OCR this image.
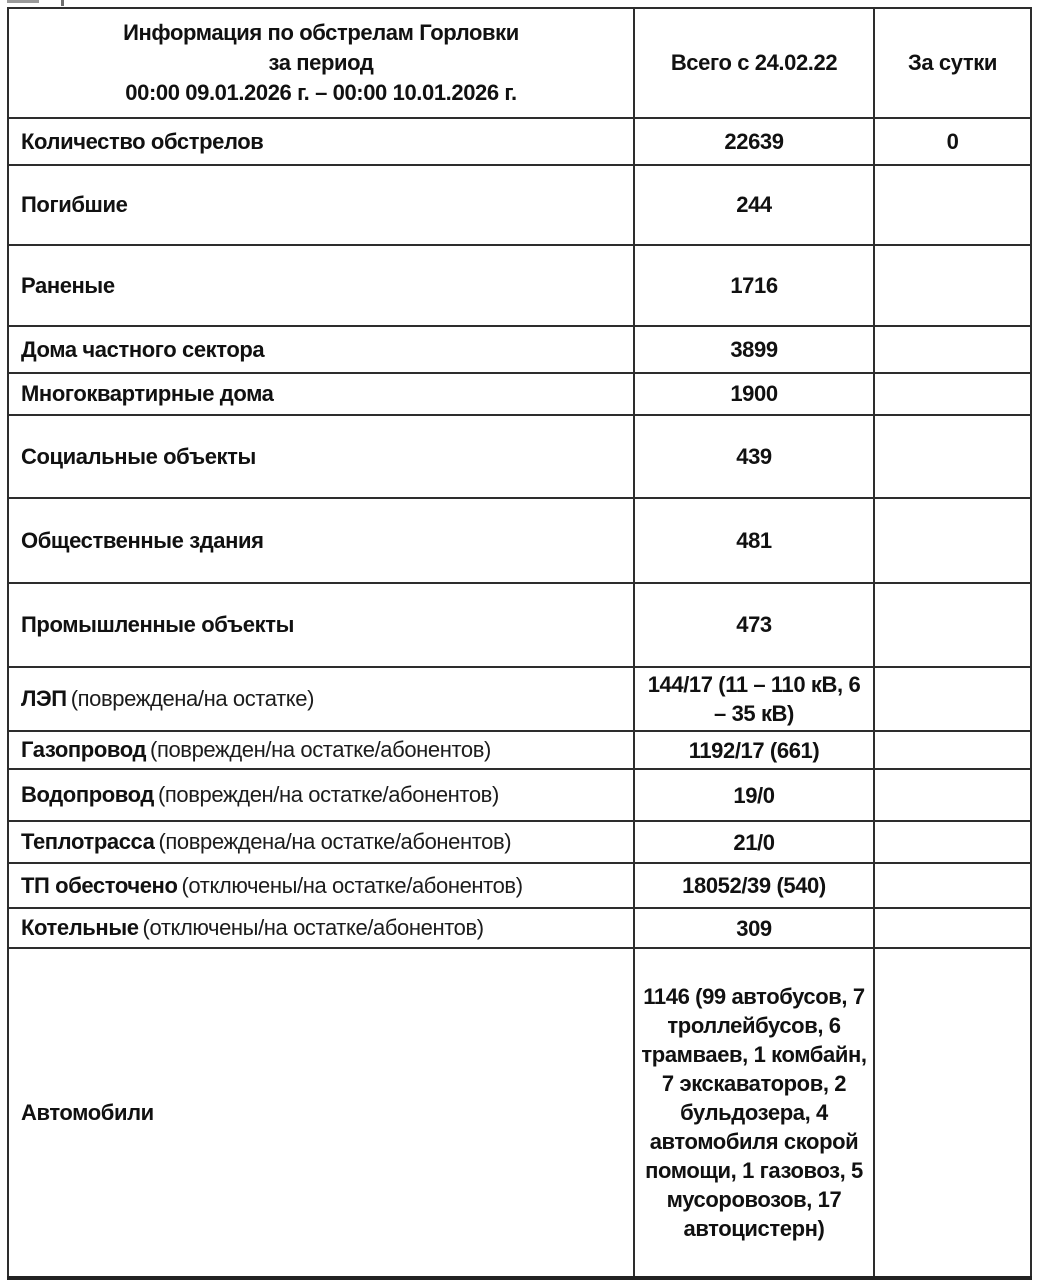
Информация по обстрелам Горловки
за период
00:00 09.01.2026 г. – 00:00 10.01.2026 г.	Всего с 24.02.22	За сутки
Количество обстрелов	22639	0
Погибшие	244	
Раненые	1716	
Дома частного сектора	3899	
Многоквартирные дома	1900	
Социальные объекты	439	
Общественные здания	481	
Промышленные объекты	473	
ЛЭП (повреждена/на остатке)	144/17 (11 – 110 кВ, 6 – 35 кВ)	
Газопровод (поврежден/на остатке/абонентов)	1192/17 (661)	
Водопровод (поврежден/на остатке/абонентов)	19/0	
Теплотрасса (повреждена/на остатке/абонентов)	21/0	
ТП обесточено (отключены/на остатке/абонентов)	18052/39 (540)	
Котельные (отключены/на остатке/абонентов)	309	
Автомобили	1146 (99 автобусов, 7 троллейбусов, 6 трамваев, 1 комбайн, 7 экскаваторов, 2 бульдозера, 4 автомобиля скорой помощи, 1 газовоз, 5 мусоровозов, 17 автоцистерн)	
